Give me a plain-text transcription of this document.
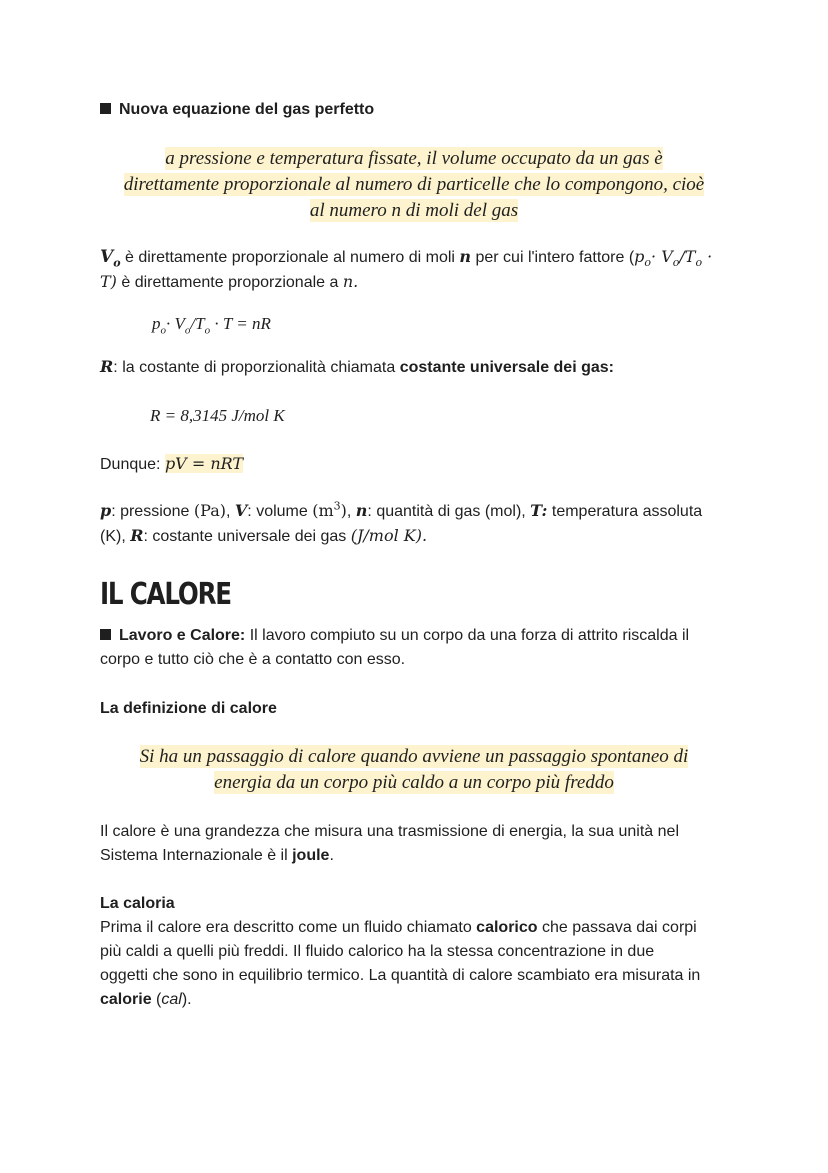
Nuova equazione del gas perfetto
a pressione e temperatura fissate, il volume occupato da un gas è
direttamente proporzionale al numero di particelle che lo compongono, cioè
al numero n di moli del gas
$V_o$ è direttamente proporzionale al numero di moli n per cui l'intero fattore ($p_o\cdot V_o/T_o$ ·
T) è direttamente proporzionale a n.
$p_o\cdot V_o/T_o \cdot T$ = nR
R: la costante di proporzionalità chiamata costante universale dei gas:
R = 8,3145 J/mol K
Dunque: pV = nRT
p: pressione (Pa), V: volume $(m^3)$, n: quantità di gas (mol), T: temperatura assoluta
(K), R: costante universale dei gas (J/mol K).
IL CALORE
Lavoro e Calore: Il lavoro compiuto su un corpo da una forza di attrito riscalda il
corpo e tutto ciò che è a contatto con esso.
La definizione di calore
Si ha un passaggio di calore quando avviene un passaggio spontaneo di
energia da un corpo più caldo a un corpo più freddo
Il calore è una grandezza che misura una trasmissione di energia, la sua unità nel
Sistema Internazionale è il joule.
La caloria
Prima il calore era descritto come un fluido chiamato calorico che passava dai corpi
più caldi a quelli più freddi. Il fluido calorico ha la stessa concentrazione in due
oggetti che sono in equilibrio termico. La quantità di calore scambiato era misurata in
calorie (cal).
